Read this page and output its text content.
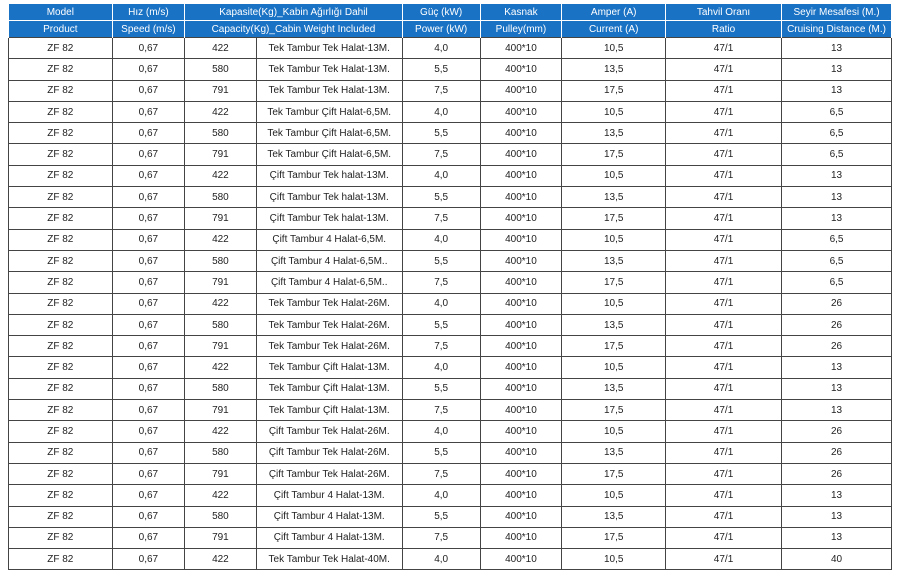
Model	Hız (m/s)	Kapasite(Kg)_Kabin Ağırlığı Dahil		Güç (kW)	Kasnak	Amper (A)	Tahvil Oranı	Seyir Mesafesi (M.)
Product	Speed (m/s)	Capacity(Kg)_Cabin Weight Included		Power (kW)	Pulley(mm)	Current (A)	Ratio	Cruising Distance (M.)
ZF 82	0,67	422	Tek Tambur Tek Halat-13M.	4,0	400*10	10,5	47/1	13
ZF 82	0,67	580	Tek Tambur Tek Halat-13M.	5,5	400*10	13,5	47/1	13
ZF 82	0,67	791	Tek Tambur Tek Halat-13M.	7,5	400*10	17,5	47/1	13
ZF 82	0,67	422	Tek Tambur Çift Halat-6,5M.	4,0	400*10	10,5	47/1	6,5
ZF 82	0,67	580	Tek Tambur Çift Halat-6,5M.	5,5	400*10	13,5	47/1	6,5
ZF 82	0,67	791	Tek Tambur Çift Halat-6,5M.	7,5	400*10	17,5	47/1	6,5
ZF 82	0,67	422	Çift Tambur Tek halat-13M.	4,0	400*10	10,5	47/1	13
ZF 82	0,67	580	Çift Tambur Tek halat-13M.	5,5	400*10	13,5	47/1	13
ZF 82	0,67	791	Çift Tambur Tek halat-13M.	7,5	400*10	17,5	47/1	13
ZF 82	0,67	422	Çift Tambur 4 Halat-6,5M.	4,0	400*10	10,5	47/1	6,5
ZF 82	0,67	580	Çift Tambur 4 Halat-6,5M..	5,5	400*10	13,5	47/1	6,5
ZF 82	0,67	791	Çift Tambur 4 Halat-6,5M..	7,5	400*10	17,5	47/1	6,5
ZF 82	0,67	422	Tek Tambur Tek Halat-26M.	4,0	400*10	10,5	47/1	26
ZF 82	0,67	580	Tek Tambur Tek Halat-26M.	5,5	400*10	13,5	47/1	26
ZF 82	0,67	791	Tek Tambur Tek Halat-26M.	7,5	400*10	17,5	47/1	26
ZF 82	0,67	422	Tek Tambur Çift Halat-13M.	4,0	400*10	10,5	47/1	13
ZF 82	0,67	580	Tek Tambur Çift Halat-13M.	5,5	400*10	13,5	47/1	13
ZF 82	0,67	791	Tek Tambur Çift Halat-13M.	7,5	400*10	17,5	47/1	13
ZF 82	0,67	422	Çift Tambur Tek Halat-26M.	4,0	400*10	10,5	47/1	26
ZF 82	0,67	580	Çift Tambur Tek Halat-26M.	5,5	400*10	13,5	47/1	26
ZF 82	0,67	791	Çift Tambur Tek Halat-26M.	7,5	400*10	17,5	47/1	26
ZF 82	0,67	422	Çift Tambur 4 Halat-13M.	4,0	400*10	10,5	47/1	13
ZF 82	0,67	580	Çift Tambur 4 Halat-13M.	5,5	400*10	13,5	47/1	13
ZF 82	0,67	791	Çift Tambur 4 Halat-13M.	7,5	400*10	17,5	47/1	13
ZF 82	0,67	422	Tek Tambur Tek Halat-40M.	4,0	400*10	10,5	47/1	40
